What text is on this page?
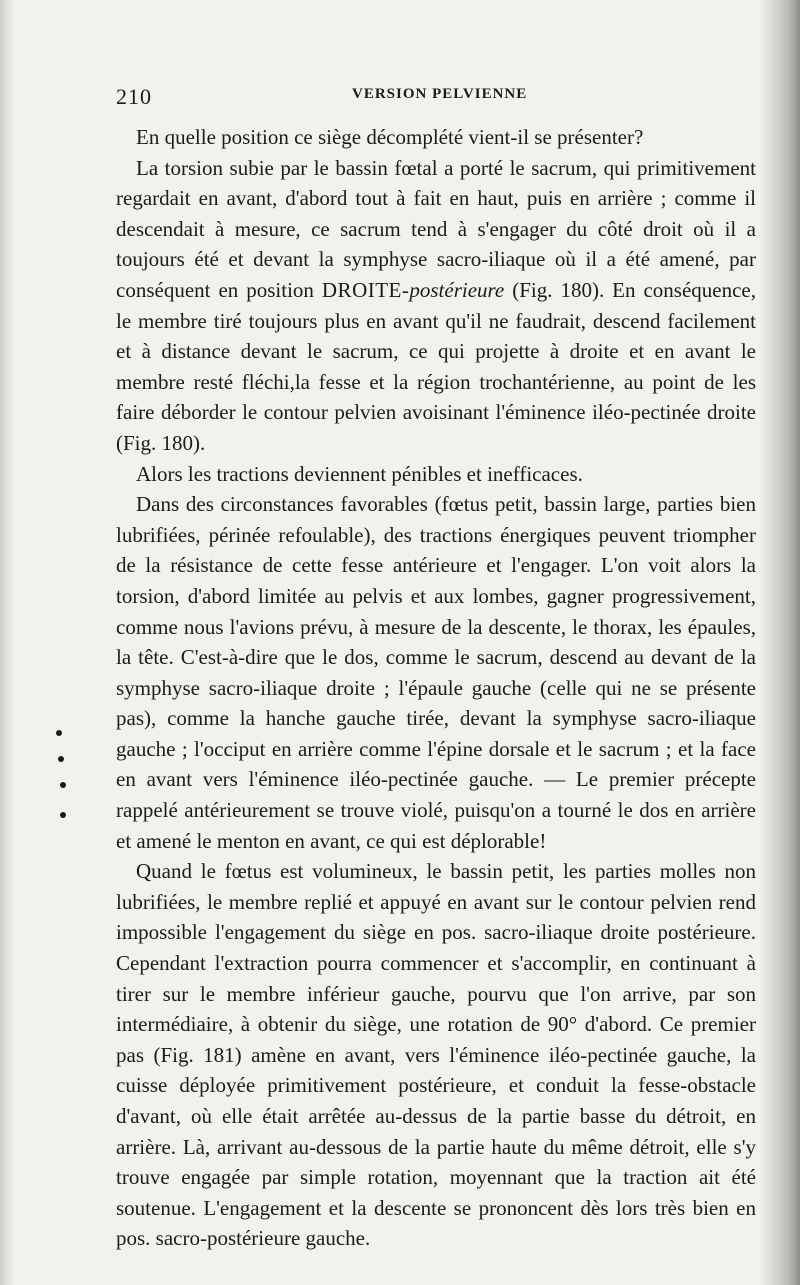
210	VERSION PELVIENNE

En quelle position ce siège décomplété vient-il se présenter?

La torsion subie par le bassin fœtal a porté le sacrum, qui primitivement regardait en avant, d'abord tout à fait en haut, puis en arrière ; comme il descendait à mesure, ce sacrum tend à s'engager du côté droit où il a toujours été et devant la symphyse sacro-iliaque où il a été amené, par conséquent en position DROITE-postérieure (Fig. 180). En conséquence, le membre tiré toujours plus en avant qu'il ne faudrait, descend facilement et à distance devant le sacrum, ce qui projette à droite et en avant le membre resté fléchi,la fesse et la région trochantérienne, au point de les faire déborder le contour pelvien avoisinant l'éminence iléo-pectinée droite (Fig. 180).

Alors les tractions deviennent pénibles et inefficaces.

Dans des circonstances favorables (fœtus petit, bassin large, parties bien lubrifiées, périnée refoulable), des tractions énergiques peuvent triompher de la résistance de cette fesse antérieure et l'engager. L'on voit alors la torsion, d'abord limitée au pelvis et aux lombes, gagner progressivement, comme nous l'avions prévu, à mesure de la descente, le thorax, les épaules, la tête. C'est-à-dire que le dos, comme le sacrum, descend au devant de la symphyse sacro-iliaque droite ; l'épaule gauche (celle qui ne se présente pas), comme la hanche gauche tirée, devant la symphyse sacro-iliaque gauche ; l'occiput en arrière comme l'épine dorsale et le sacrum ; et la face en avant vers l'éminence iléo-pectinée gauche. — Le premier précepte rappelé antérieurement se trouve violé, puisqu'on a tourné le dos en arrière et amené le menton en avant, ce qui est déplorable!

Quand le fœtus est volumineux, le bassin petit, les parties molles non lubrifiées, le membre replié et appuyé en avant sur le contour pelvien rend impossible l'engagement du siège en pos. sacro-iliaque droite postérieure. Cependant l'extraction pourra commencer et s'accomplir, en continuant à tirer sur le membre inférieur gauche, pourvu que l'on arrive, par son intermédiaire, à obtenir du siège, une rotation de 90° d'abord. Ce premier pas (Fig. 181) amène en avant, vers l'éminence iléo-pectinée gauche, la cuisse déployée primitivement postérieure, et conduit la fesse-obstacle d'avant, où elle était arrêtée au-dessus de la partie basse du détroit, en arrière. Là, arrivant au-dessous de la partie haute du même détroit, elle s'y trouve engagée par simple rotation, moyennant que la traction ait été soutenue. L'engagement et la descente se prononcent dès lors très bien en pos. sacro-postérieure gauche.
